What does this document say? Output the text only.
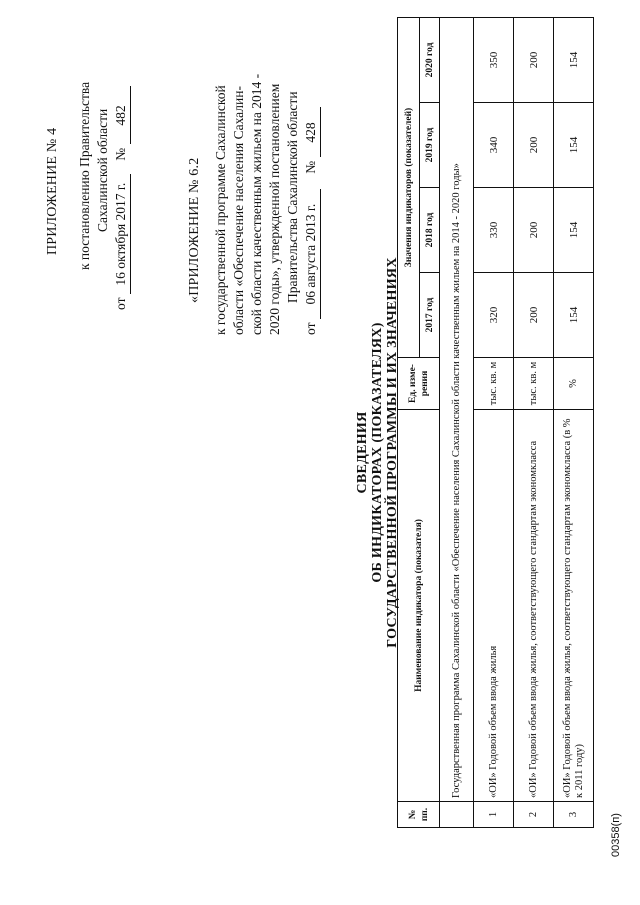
ПРИЛОЖЕНИЕ № 4 к постановлению Правительства Сахалинской области
от 16 октября 2017 г. № 482
«ПРИЛОЖЕНИЕ № 6.2 к государственной программе Сахалинской области «Обеспечение населения Сахалин- ской области качественным жильем на 2014 - 2020 годы», утвержденной постановлением Правительства Сахалинской области
от 06 августа 2013 г. № 428
СВЕДЕНИЯ ОБ ИНДИКАТОРАХ (ПОКАЗАТЕЛЯХ) ГОСУДАРСТВЕННОЙ ПРОГРАММЫ И ИХ ЗНАЧЕНИЯХ
№ пп.	Наименование индикатора (показателя)	Ед. изме-рения	Значения индикаторов (показателей)			
			2017 год	2018 год	2019 год	2020 год
	Государственная программа Сахалинской области «Обеспечение населения Сахалинской области качественным жильем на 2014 - 2020 годы»					
1	«ОИ» Годовой объем ввода жилья	тыс. кв. м	320	330	340	350
2	«ОИ» Годовой объем ввода жилья, соответствующего стандартам экономкласса	тыс. кв. м	200	200	200	200
3	«ОИ» Годовой объем ввода жилья, соответствующего стандартам экономкласса (в % к 2011 году)	%	154	154	154	154
00358(п)
